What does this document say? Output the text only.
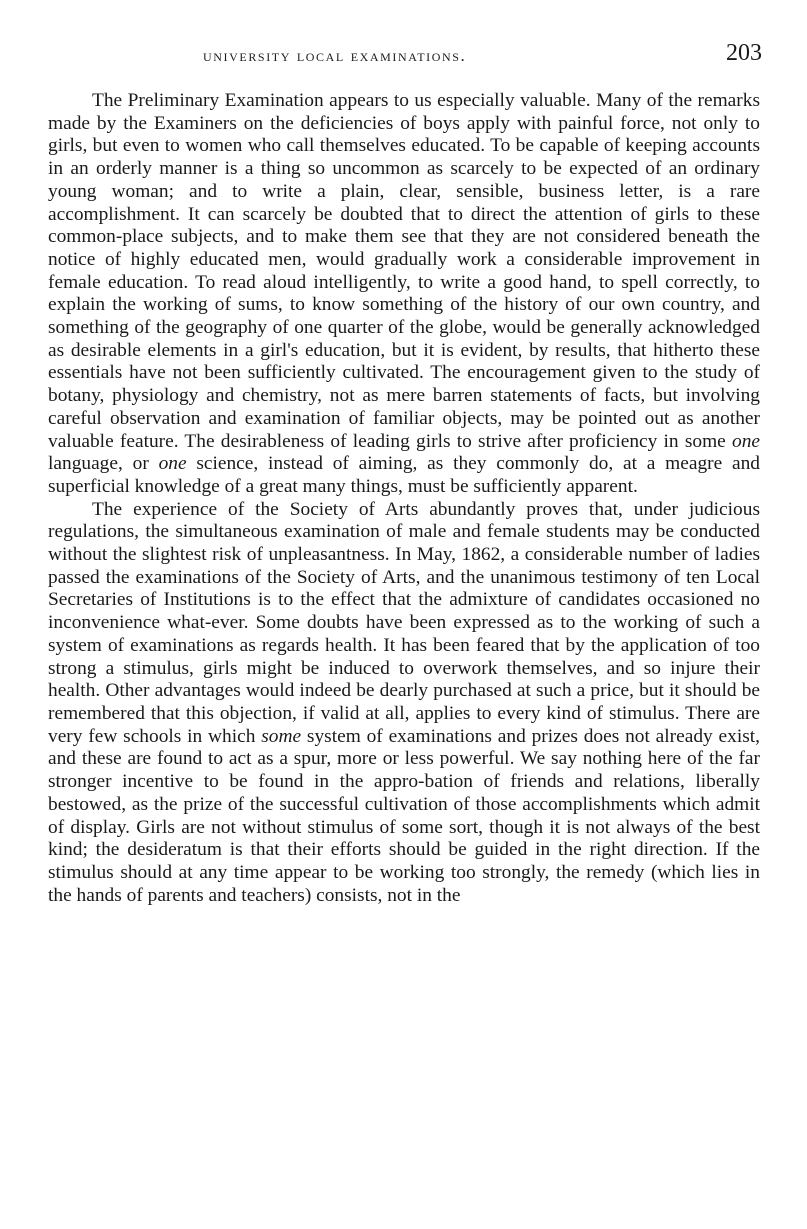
university local examinations.	203

The Preliminary Examination appears to us especially valuable. Many of the remarks made by the Examiners on the deficiencies of boys apply with painful force, not only to girls, but even to women who call themselves educated. To be capable of keeping accounts in an orderly manner is a thing so uncommon as scarcely to be expected of an ordinary young woman; and to write a plain, clear, sensible, business letter, is a rare accomplishment. It can scarcely be doubted that to direct the attention of girls to these common-place subjects, and to make them see that they are not considered beneath the notice of highly educated men, would gradually work a considerable improvement in female education. To read aloud intelligently, to write a good hand, to spell correctly, to explain the working of sums, to know something of the history of our own country, and something of the geography of one quarter of the globe, would be generally acknowledged as desirable elements in a girl's education, but it is evident, by results, that hitherto these essentials have not been sufficiently cultivated. The encouragement given to the study of botany, physiology and chemistry, not as mere barren statements of facts, but involving careful observation and examination of familiar objects, may be pointed out as another valuable feature. The desirableness of leading girls to strive after proficiency in some one language, or one science, instead of aiming, as they commonly do, at a meagre and superficial knowledge of a great many things, must be sufficiently apparent.

The experience of the Society of Arts abundantly proves that, under judicious regulations, the simultaneous examination of male and female students may be conducted without the slightest risk of unpleasantness. In May, 1862, a considerable number of ladies passed the examinations of the Society of Arts, and the unanimous testimony of ten Local Secretaries of Institutions is to the effect that the admixture of candidates occasioned no inconvenience what-ever. Some doubts have been expressed as to the working of such a system of examinations as regards health. It has been feared that by the application of too strong a stimulus, girls might be induced to overwork themselves, and so injure their health. Other advantages would indeed be dearly purchased at such a price, but it should be remembered that this objection, if valid at all, applies to every kind of stimulus. There are very few schools in which some system of examinations and prizes does not already exist, and these are found to act as a spur, more or less powerful. We say nothing here of the far stronger incentive to be found in the appro-bation of friends and relations, liberally bestowed, as the prize of the successful cultivation of those accomplishments which admit of display. Girls are not without stimulus of some sort, though it is not always of the best kind; the desideratum is that their efforts should be guided in the right direction. If the stimulus should at any time appear to be working too strongly, the remedy (which lies in the hands of parents and teachers) consists, not in the
